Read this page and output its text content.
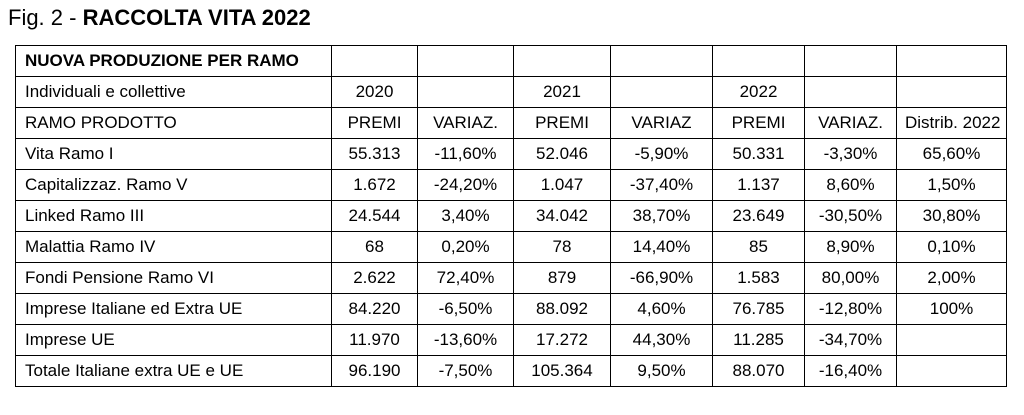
Fig. 2 - RACCOLTA VITA 2022
NUOVA PRODUZIONE PER RAMO							
Individuali e collettive	2020		2021		2022		
RAMO PRODOTTO	PREMI	VARIAZ.	PREMI	VARIAZ	PREMI	VARIAZ.	Distrib. 2022
Vita Ramo I	55.313	-11,60%	52.046	-5,90%	50.331	-3,30%	65,60%
Capitalizzaz. Ramo V	1.672	-24,20%	1.047	-37,40%	1.137	8,60%	1,50%
Linked Ramo III	24.544	3,40%	34.042	38,70%	23.649	-30,50%	30,80%
Malattia Ramo IV	68	0,20%	78	14,40%	85	8,90%	0,10%
Fondi Pensione Ramo VI	2.622	72,40%	879	-66,90%	1.583	80,00%	2,00%
Imprese Italiane ed Extra UE	84.220	-6,50%	88.092	4,60%	76.785	-12,80%	100%
Imprese UE	11.970	-13,60%	17.272	44,30%	11.285	-34,70%	
Totale Italiane extra UE e UE	96.190	-7,50%	105.364	9,50%	88.070	-16,40%	
